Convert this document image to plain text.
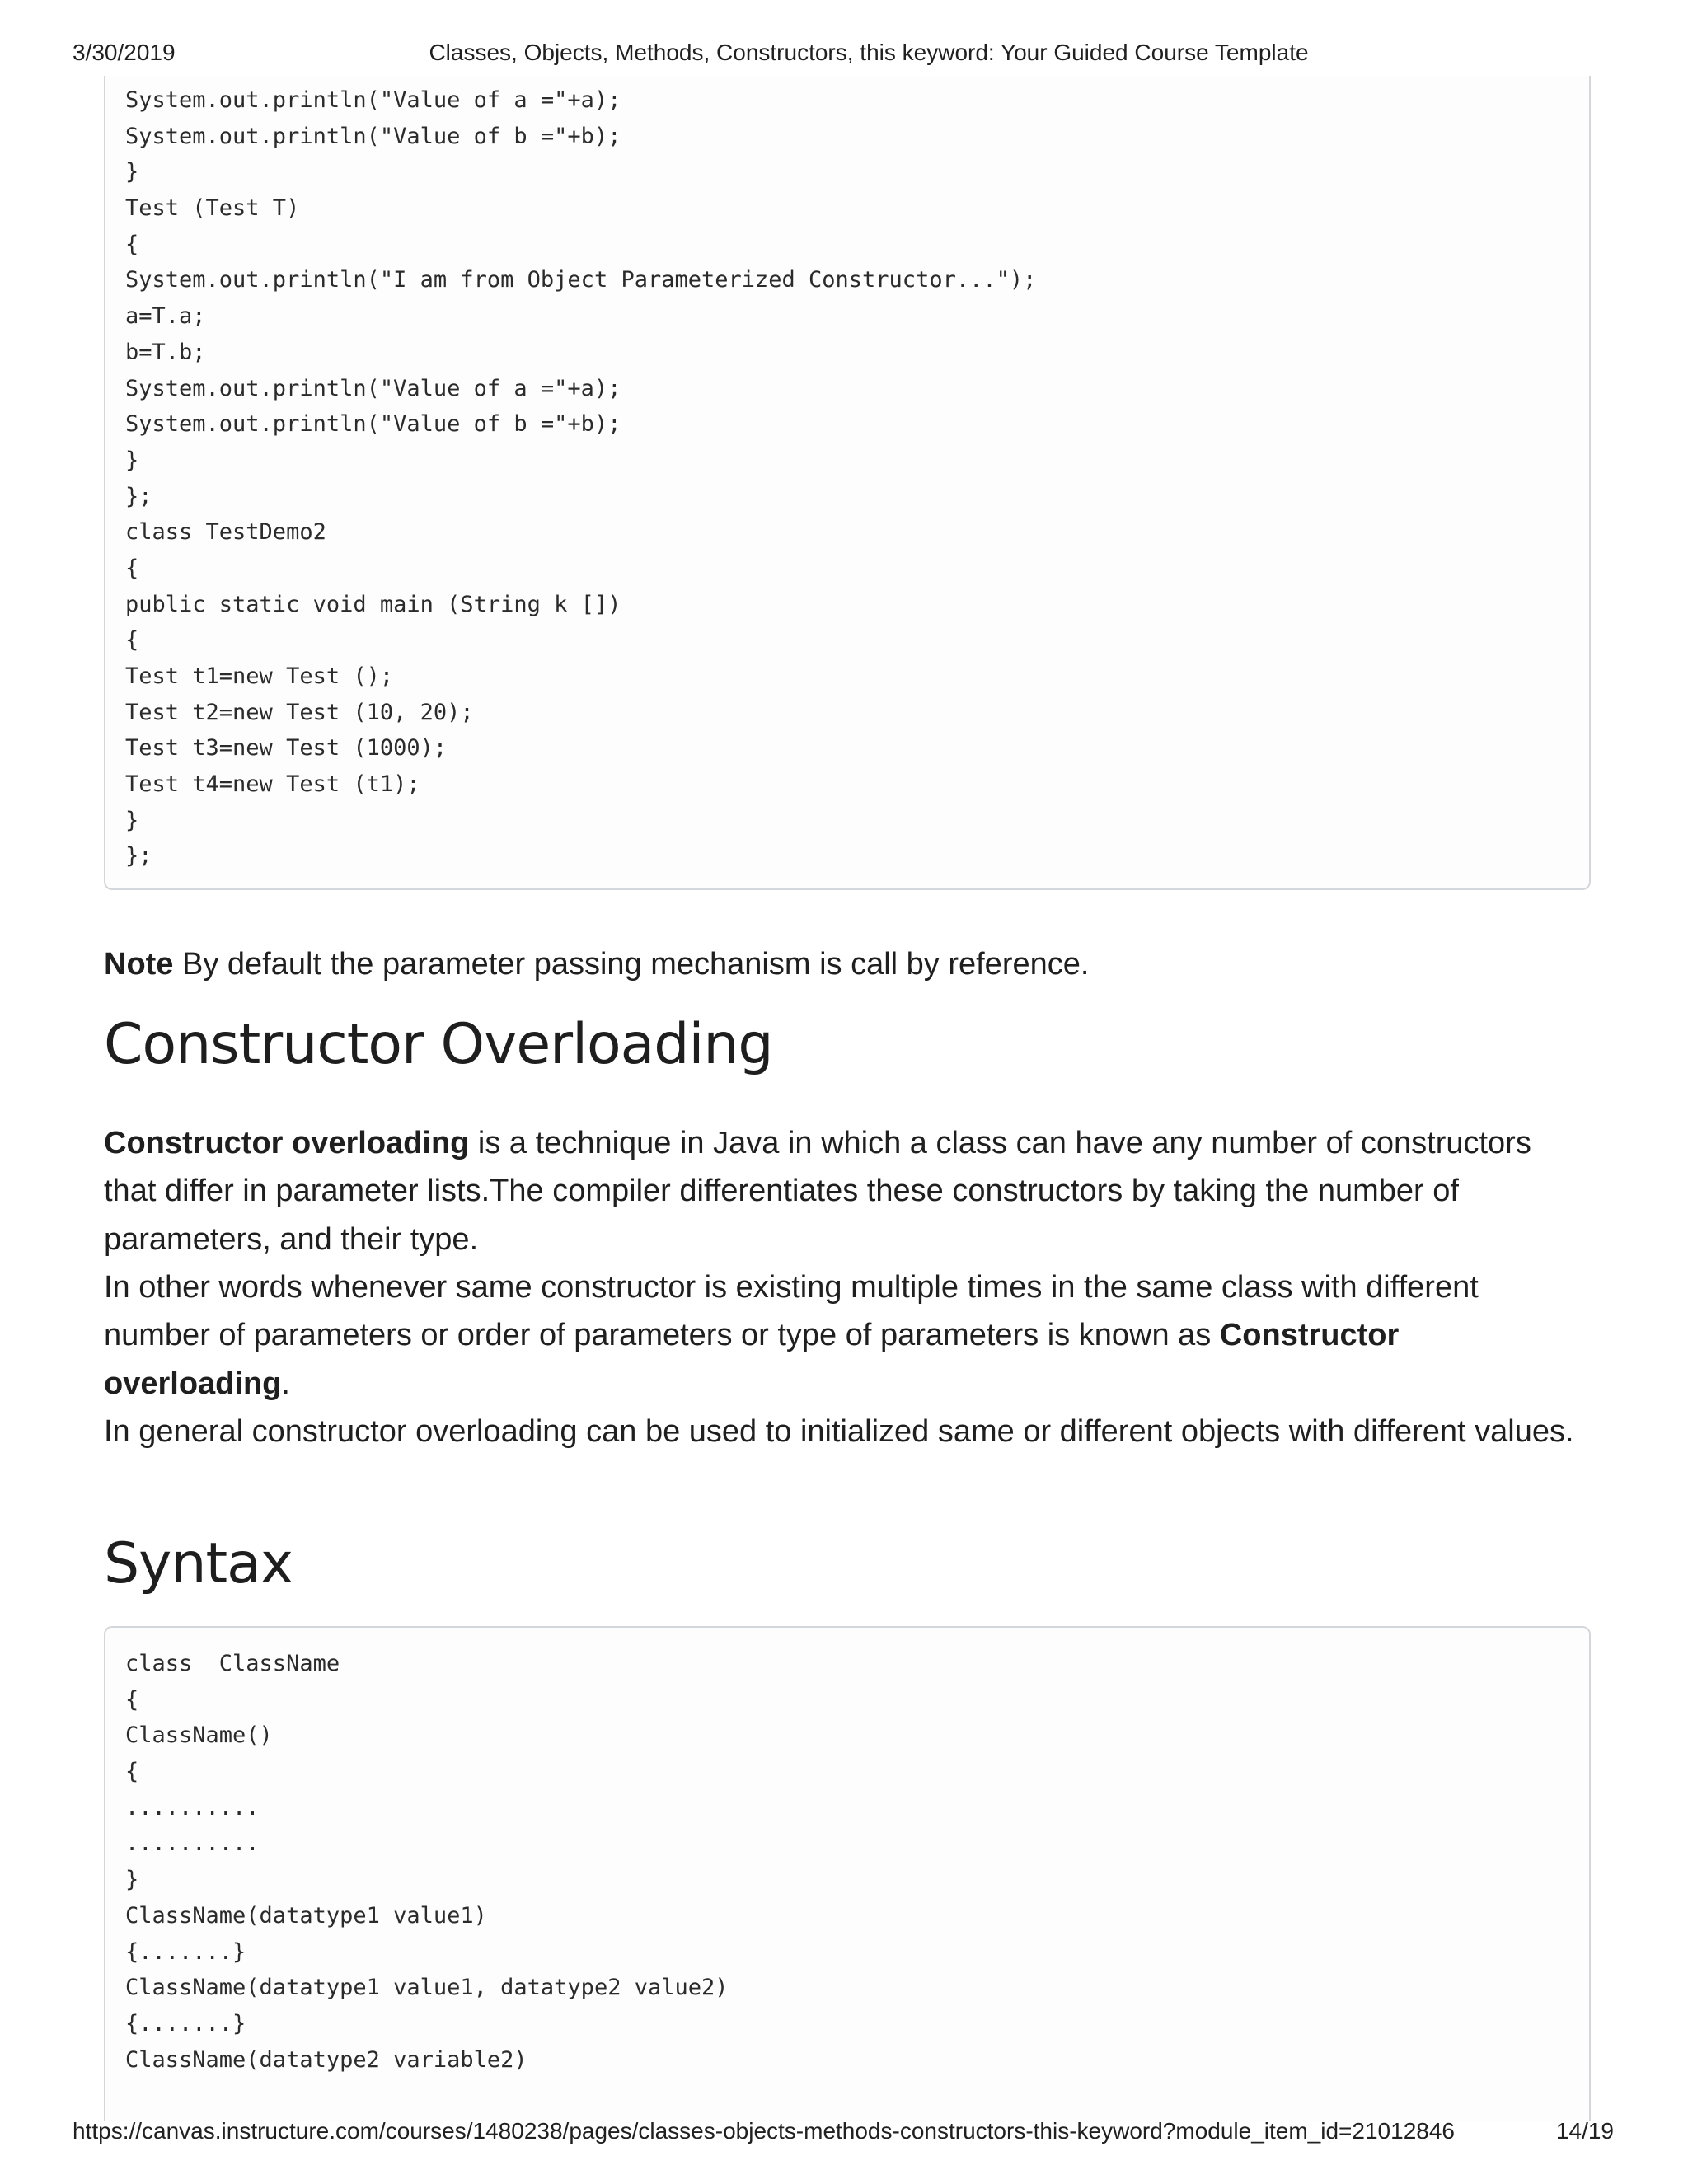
3/30/2019	Classes, Objects, Methods, Constructors, this keyword: Your Guided Course Template
System.out.println("Value of a ="+a);
System.out.println("Value of b ="+b);
}
Test (Test T)
{
System.out.println("I am from Object Parameterized Constructor...");
a=T.a;
b=T.b;
System.out.println("Value of a ="+a);
System.out.println("Value of b ="+b);
}
};
class TestDemo2
{
public static void main (String k [])
{
Test t1=new Test ();
Test t2=new Test (10, 20);
Test t3=new Test (1000);
Test t4=new Test (t1);
}
};
Note By default the parameter passing mechanism is call by reference.
Constructor Overloading
Constructor overloading is a technique in Java in which a class can have any number of constructors that differ in parameter lists.The compiler differentiates these constructors by taking the number of parameters, and their type.
In other words whenever same constructor is existing multiple times in the same class with different number of parameters or order of parameters or type of parameters is known as Constructor overloading.
In general constructor overloading can be used to initialized same or different objects with different values.
Syntax
class  ClassName
{
ClassName()
{
..........
..........
}
ClassName(datatype1 value1)
{.......}
ClassName(datatype1 value1, datatype2 value2)
{.......}
ClassName(datatype2 variable2)
https://canvas.instructure.com/courses/1480238/pages/classes-objects-methods-constructors-this-keyword?module_item_id=21012846	14/19
